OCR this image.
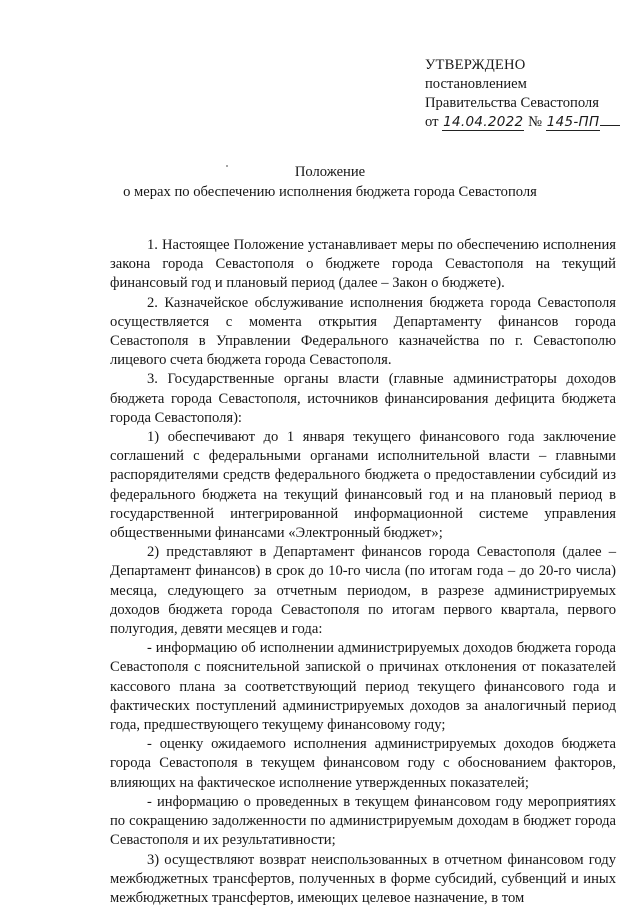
УТВЕРЖДЕНО
постановлением
Правительства Севастополя
от 14.04.2022 № 145-ПП
Положение
о мерах по обеспечению исполнения бюджета города Севастополя

1. Настоящее Положение устанавливает меры по обеспечению исполнения закона города Севастополя о бюджете города Севастополя на текущий финансовый год и плановый период (далее – Закон о бюджете).

2. Казначейское обслуживание исполнения бюджета города Севастополя осуществляется с момента открытия Департаменту финансов города Севастополя в Управлении Федерального казначейства по г. Севастополю лицевого счета бюджета города Севастополя.

3. Государственные органы власти (главные администраторы доходов бюджета города Севастополя, источников финансирования дефицита бюджета города Севастополя):

1) обеспечивают до 1 января текущего финансового года заключение соглашений с федеральными органами исполнительной власти – главными распорядителями средств федерального бюджета о предоставлении субсидий из федерального бюджета на текущий финансовый год и на плановый период в государственной интегрированной информационной системе управления общественными финансами «Электронный бюджет»;

2) представляют в Департамент финансов города Севастополя (далее – Департамент финансов) в срок до 10-го числа (по итогам года – до 20-го числа) месяца, следующего за отчетным периодом, в разрезе администрируемых доходов бюджета города Севастополя по итогам первого квартала, первого полугодия, девяти месяцев и года:

- информацию об исполнении администрируемых доходов бюджета города Севастополя с пояснительной запиской о причинах отклонения от показателей кассового плана за соответствующий период текущего финансового года и фактических поступлений администрируемых доходов за аналогичный период года, предшествующего текущему финансовому году;

- оценку ожидаемого исполнения администрируемых доходов бюджета города Севастополя в текущем финансовом году с обоснованием факторов, влияющих на фактическое исполнение утвержденных показателей;

- информацию о проведенных в текущем финансовом году мероприятиях по сокращению задолженности по администрируемым доходам в бюджет города Севастополя и их результативности;

3) осуществляют возврат неиспользованных в отчетном финансовом году межбюджетных трансфертов, полученных в форме субсидий, субвенций и иных межбюджетных трансфертов, имеющих целевое назначение, в том
